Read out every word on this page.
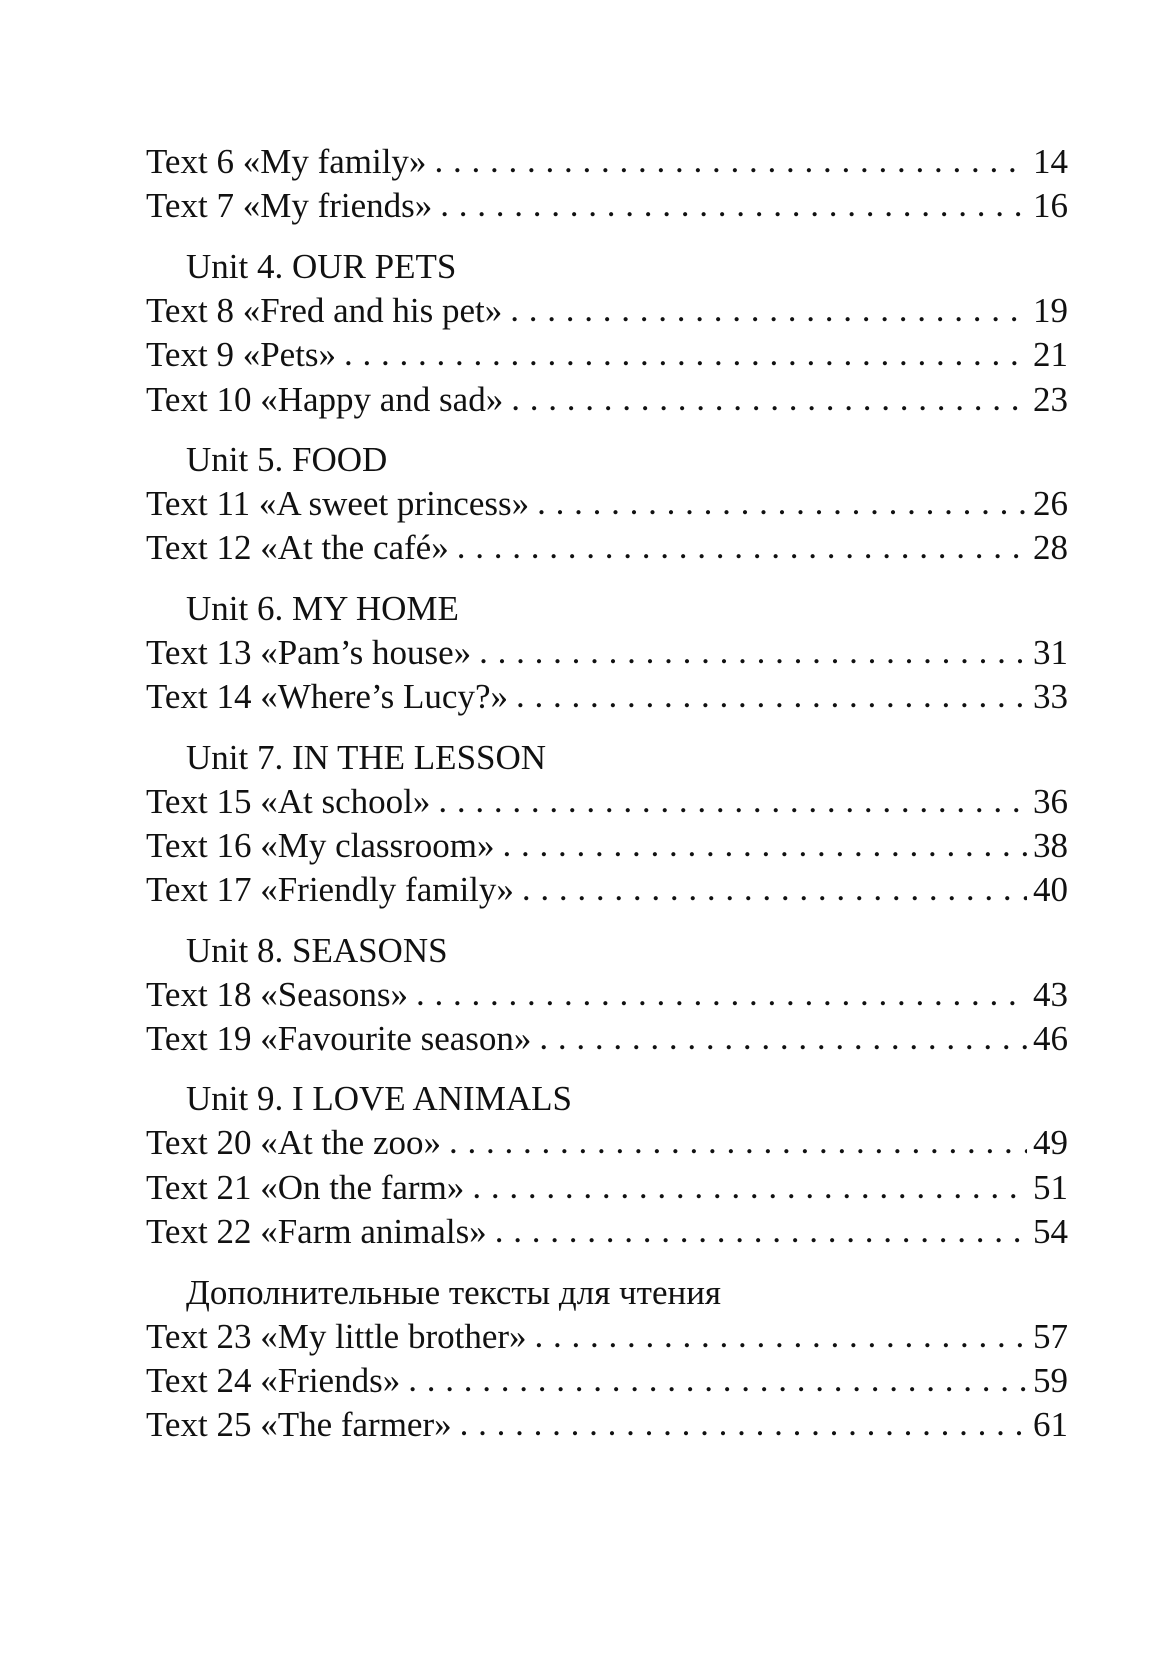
Text 6 «My family» . . .	14
Text 7 «My friends» . . .	16
Unit 4. OUR PETS
Text 8 «Fred and his pet» . . .	19
Text 9 «Pets» . . .	21
Text 10 «Happy and sad» . . .	23
Unit 5. FOOD
Text 11 «A sweet princess» . . .	26
Text 12 «At the café» . . .	28
Unit 6. MY HOME
Text 13 «Pam’s house» . . .	31
Text 14 «Where’s Lucy?» . . .	33
Unit 7. IN THE LESSON
Text 15 «At school» . . .	36
Text 16 «My classroom» . . .	38
Text 17 «Friendly family» . . .	40
Unit 8. SEASONS
Text 18 «Seasons» . . .	43
Text 19 «Favourite season» . . .	46
Unit 9. I LOVE ANIMALS
Text 20 «At the zoo» . . .	49
Text 21 «On the farm» . . .	51
Text 22 «Farm animals» . . .	54
Дополнительные тексты для чтения
Text 23 «My little brother» . . .	57
Text 24 «Friends» . . .	59
Text 25 «The farmer» . . .	61
